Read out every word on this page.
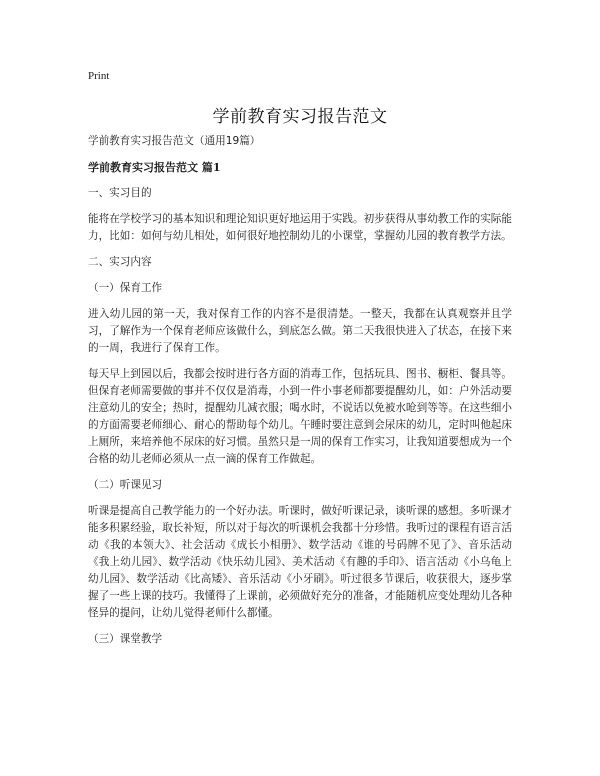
Print
学前教育实习报告范文

学前教育实习报告范文（通用19篇）

学前教育实习报告范文 篇1

一、实习目的

能将在学校学习的基本知识和理论知识更好地运用于实践。初步获得从事幼教工作的实际能力，比如：如何与幼儿相处，如何很好地控制幼儿的小课堂，掌握幼儿园的教育教学方法。

二、实习内容

（一）保育工作

进入幼儿园的第一天，我对保育工作的内容不是很清楚。一整天，我都在认真观察并且学习，了解作为一个保育老师应该做什么，到底怎么做。第二天我很快进入了状态，在接下来的一周，我进行了保育工作。

每天早上到园以后，我都会按时进行各方面的消毒工作，包括玩具、图书、橱柜、餐具等。但保育老师需要做的事并不仅仅是消毒，小到一件小事老师都要提醒幼儿，如：户外活动要注意幼儿的安全；热时，提醒幼儿减衣服；喝水时，不说话以免被水呛到等等。在这些细小的方面需要老师细心、耐心的帮助每个幼儿。午睡时要注意到会尿床的幼儿，定时叫他起床上厕所，来培养他不尿床的好习惯。虽然只是一周的保育工作实习，让我知道要想成为一个合格的幼儿老师必须从一点一滴的保育工作做起。

（二）听课见习

听课是提高自己教学能力的一个好办法。听课时，做好听课记录，谈听课的感想。多听课才能多积累经验，取长补短，所以对于每次的听课机会我都十分珍惜。我听过的课程有语言活动《我的本领大》、社会活动《成长小相册》、数学活动《谁的号码牌不见了》、音乐活动《我上幼儿园》、数学活动《快乐幼儿园》、美术活动《有趣的手印》、语言活动《小乌龟上幼儿园》、数学活动《比高矮》、音乐活动《小牙刷》。听过很多节课后，收获很大，逐步掌握了一些上课的技巧。我懂得了上课前，必须做好充分的准备，才能随机应变处理幼儿各种怪异的提问，让幼儿觉得老师什么都懂。

（三）课堂教学
